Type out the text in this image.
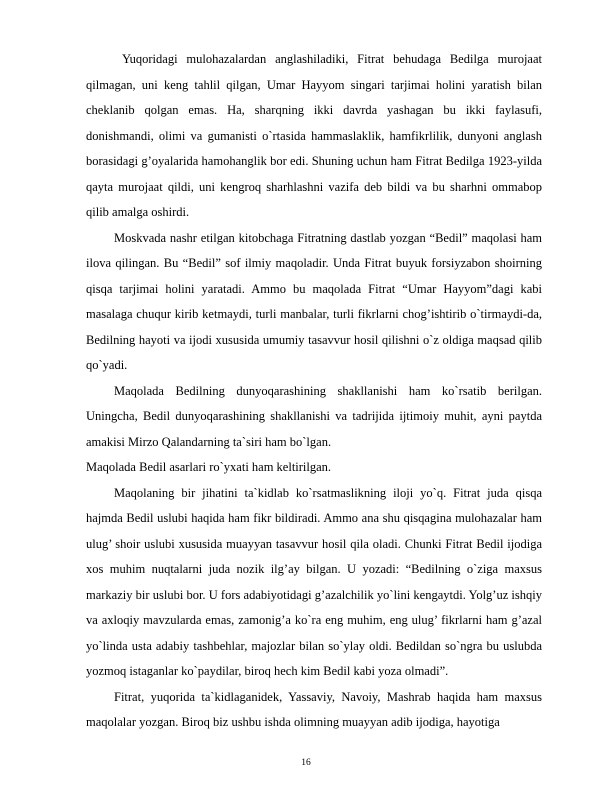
Yuqoridagi mulohazalardan anglashiladiki, Fitrat behudaga Bedilga murojaat qilmagan, uni keng tahlil qilgan, Umar Hayyom singari tarjimai holini yaratish bilan cheklanib qolgan emas. Ha, sharqning ikki davrda yashagan bu ikki faylasufi, donishmandi, olimi va gumanisti o`rtasida hammaslaklik, hamfikrlilik, dunyoni anglash borasidagi g’oyalarida hamohanglik bor edi. Shuning uchun ham Fitrat Bedilga 1923-yilda qayta murojaat qildi, uni kengroq sharhlashni vazifa deb bildi va bu sharhni ommabop qilib amalga oshirdi.

Moskvada nashr etilgan kitobchaga Fitratning dastlab yozgan “Bedil” maqolasi ham ilova qilingan. Bu “Bedil” sof ilmiy maqoladir. Unda Fitrat buyuk forsiyzabon shoirning qisqa tarjimai holini yaratadi. Ammo bu maqolada Fitrat “Umar Hayyom”dagi kabi masalaga chuqur kirib ketmaydi, turli manbalar, turli fikrlarni chog’ishtirib o`tirmaydi-da, Bedilning hayoti va ijodi xususida umumiy tasavvur hosil qilishni o`z oldiga maqsad qilib qo`yadi.

Maqolada Bedilning dunyoqarashining shakllanishi ham ko`rsatib berilgan. Uningcha, Bedil dunyoqarashining shakllanishi va tadrijida ijtimoiy muhit, ayni paytda amakisi Mirzo Qalandarning ta`siri ham bo`lgan.

Maqolada Bedil asarlari ro`yxati ham keltirilgan.

Maqolaning bir jihatini ta`kidlab ko`rsatmaslikning iloji yo`q. Fitrat juda qisqa hajmda Bedil uslubi haqida ham fikr bildiradi. Ammo ana shu qisqagina mulohazalar ham ulug’ shoir uslubi xususida muayyan tasavvur hosil qila oladi. Chunki Fitrat Bedil ijodiga xos muhim nuqtalarni juda nozik ilg’ay bilgan. U yozadi: “Bedilning o`ziga maxsus markaziy bir uslubi bor. U fors adabiyotidagi g’azalchilik yo`lini kengaytdi. Yolg’uz ishqiy va axloqiy mavzularda emas, zamonig’a ko`ra eng muhim, eng ulug’ fikrlarni ham g’azal yo`linda usta adabiy tashbehlar, majozlar bilan so`ylay oldi. Bedildan so`ngra bu uslubda yozmoq istaganlar ko`paydilar, biroq hech kim Bedil kabi yoza olmadi”.

Fitrat, yuqorida ta`kidlaganidek, Yassaviy, Navoiy, Mashrab haqida ham maxsus maqolalar yozgan. Biroq biz ushbu ishda olimning muayyan adib ijodiga, hayotiga

16
